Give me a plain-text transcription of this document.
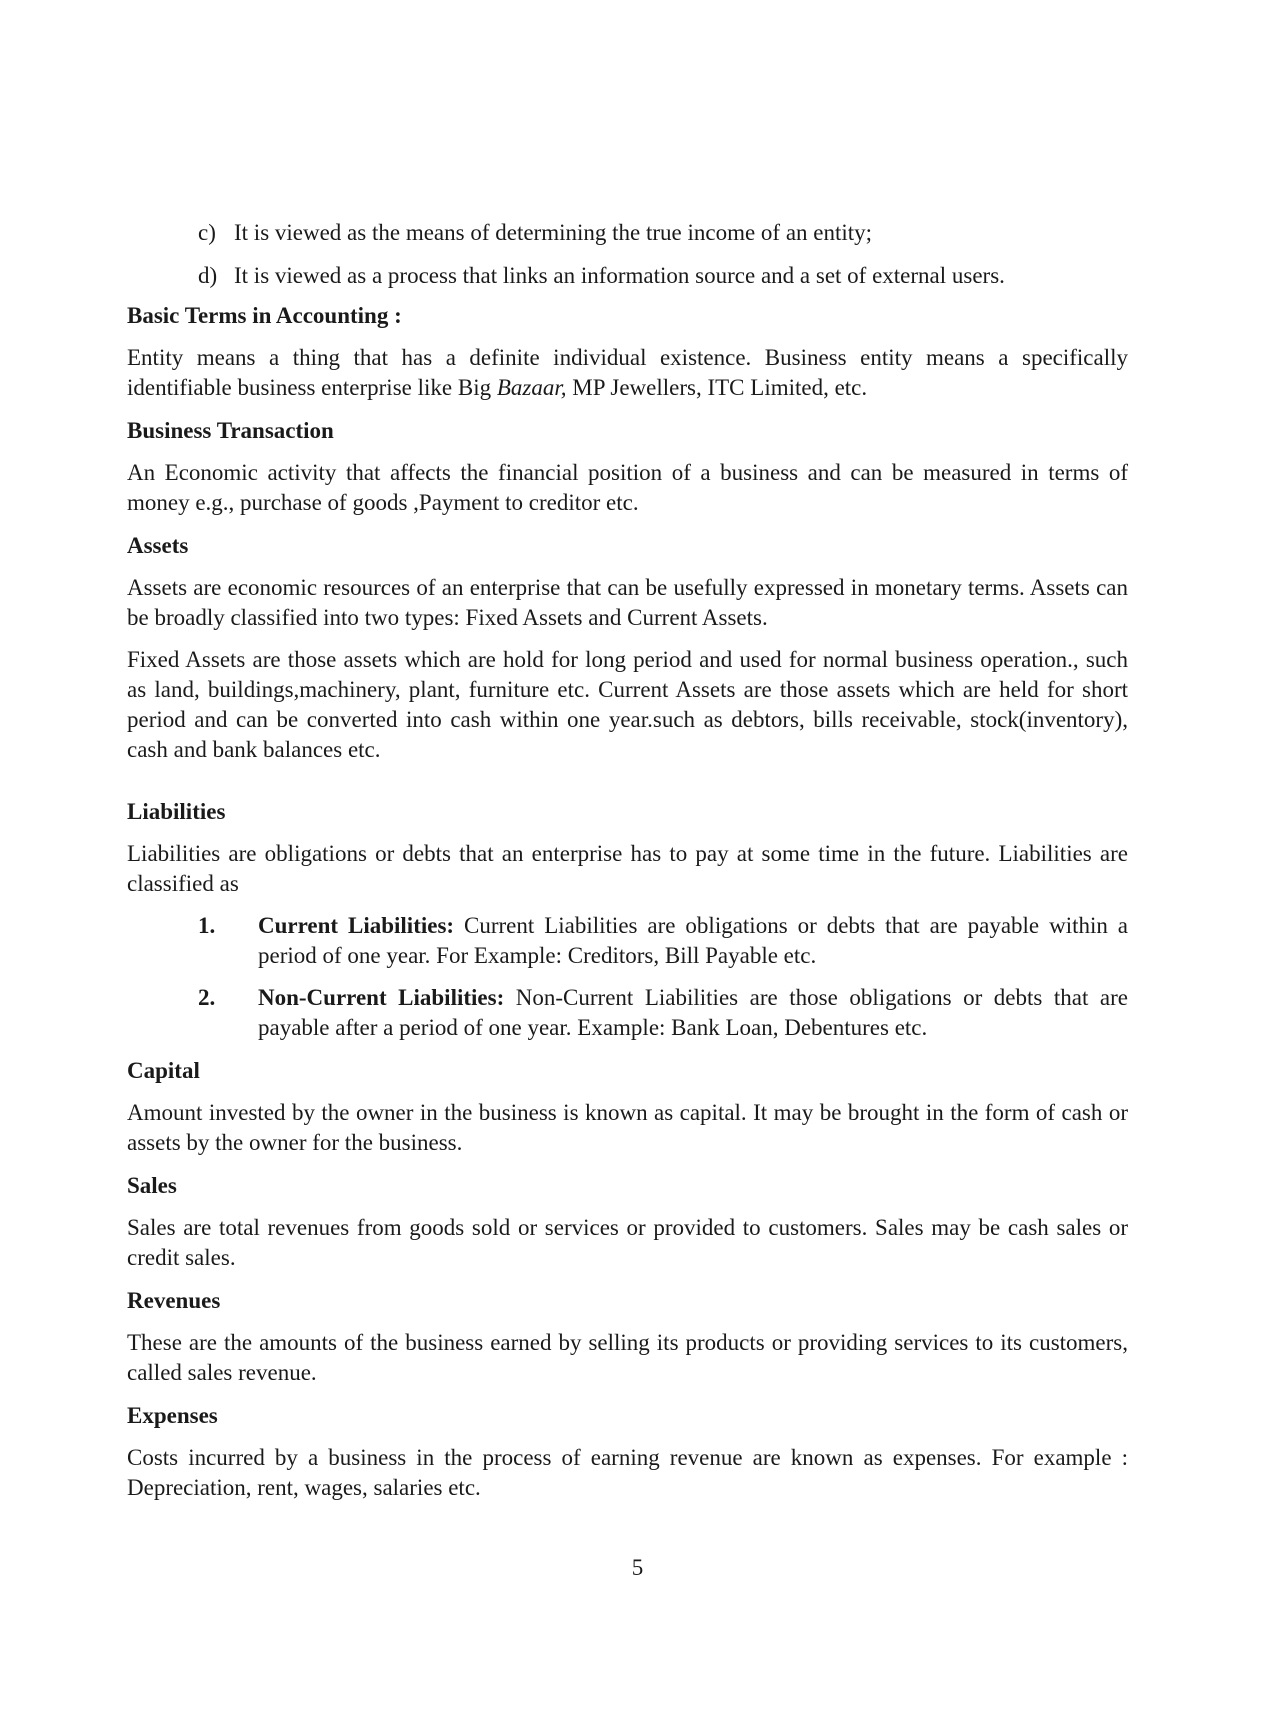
c) It is viewed as the means of determining the true income of an entity;
d) It is viewed as a process that links an information source and a set of external users.

Basic Terms in Accounting :

Entity means a thing that has a definite individual existence. Business entity means a specifically identifiable business enterprise like Big Bazaar, MP Jewellers, ITC Limited, etc.

Business Transaction

An Economic activity that affects the financial position of a business and can be measured in terms of money e.g., purchase of goods ,Payment to creditor etc.

Assets

Assets are economic resources of an enterprise that can be usefully expressed in monetary terms. Assets can be broadly classified into two types: Fixed Assets and Current Assets.

Fixed Assets are those assets which are hold for long period and used for normal business operation., such as land, buildings,machinery, plant, furniture etc. Current Assets are those assets which are held for short period and can be converted into cash within one year.such as debtors, bills receivable, stock(inventory), cash and bank balances etc.

Liabilities

Liabilities are obligations or debts that an enterprise has to pay at some time in the future. Liabilities are classified as

1.	Current Liabilities: Current Liabilities are obligations or debts that are payable within a period of one year. For Example: Creditors, Bill Payable etc.
2.	Non-Current Liabilities: Non-Current Liabilities are those obligations or debts that are payable after a period of one year. Example: Bank Loan, Debentures etc.

Capital

Amount invested by the owner in the business is known as capital. It may be brought in the form of cash or assets by the owner for the business.

Sales

Sales are total revenues from goods sold or services or provided to customers. Sales may be cash sales or credit sales.

Revenues

These are the amounts of the business earned by selling its products or providing services to its customers, called sales revenue.

Expenses

Costs incurred by a business in the process of earning revenue are known as expenses. For example : Depreciation, rent, wages, salaries etc.

5
